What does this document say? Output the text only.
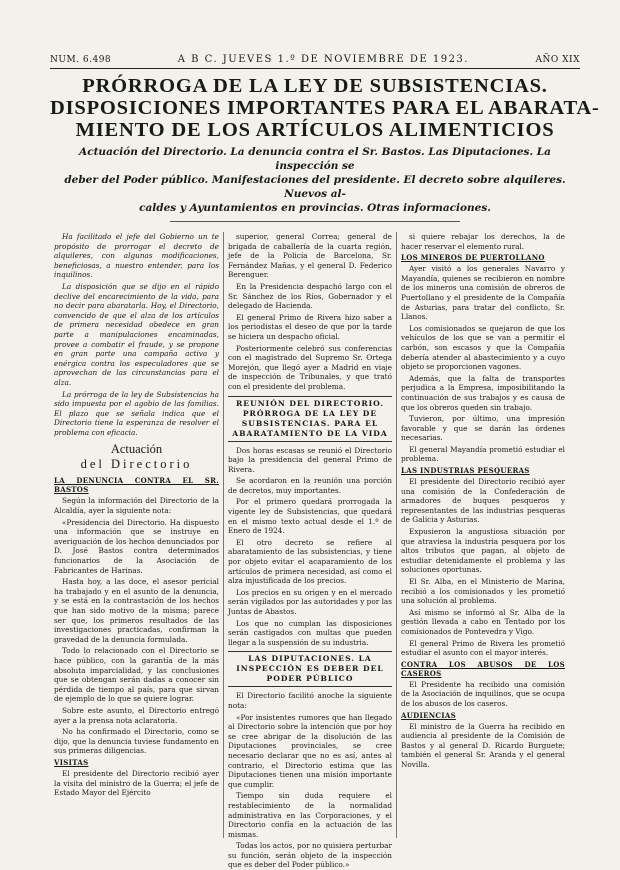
NUM. 6.498	A B C. JUEVES 1.º DE NOVIEMBRE DE 1923.	AÑO XIX
PRÓRROGA DE LA LEY DE SUBSISTENCIAS.
DISPOSICIONES IMPORTANTES PARA EL ABARATA-
MIENTO DE LOS ARTÍCULOS ALIMENTICIOS
Actuación del Directorio. La denuncia contra el Sr. Bastos. Las Diputaciones. La inspección se
deber del Poder público. Manifestaciones del presidente. El decreto sobre alquileres. Nuevos al-
caldes y Ayuntamientos en provincias. Otras informaciones.

Ha facilitado el jefe del Gobierno un te propósito de prorrogar el decreto de alquileres, con algunas modificaciones, beneficiosas, a nuestro entender, para los inquilinos.

La disposición que se dijo en el rápido declive del encarecimiento de la vida, para no decir para abaratarla. Hoy, el Directorio, convencido de que el alza de los artículos de primera necesidad obedece en gran parte a manipulaciones encaminadas, provee a combatir el fraude, y se propone en gran parte una campaña activa y enérgica contra los especuladores que se aprovechan de las circunstancias para el alza.

La prórroga de la ley de Subsistencias ha sido impuesta por el agobio de las familias. El plazo que se señala indica que el Directorio tiene la esperanza de resolver el problema con eficacia.

Actuación
del Directorio

LA DENUNCIA CONTRA EL SR. BASTOS

Según la información del Directorio de la Alcaldía, ayer la siguiente nota:

«Presidencia del Directorio. Ha dispuesto una información que se instruye en averiguación de los hechos denunciados por D. José Bastos contra determinados funcionarios de la Asociación de Fabricantes de Harinas.

Hasta hoy, a las doce, el asesor pericial ha trabajado y en el asunto de la denuncia, y se está en la contrastación de los hechos que han sido motivo de la misma; parece ser que, los primeros resultados de las investigaciones practicadas, confirman la gravedad de la denuncia formulada.

Todo lo relacionado con el Directorio se hace público, con la garantía de la más absoluta imparcialidad, y las conclusiones que se obtengan serán dadas a conocer sin pérdida de tiempo al país, para que sirvan de ejemplo de lo que se quiere lograr.

Sobre este asunto, el Directorio entregó ayer a la prensa nota aclaratoria.

No ha confirmado el Directorio, como se dijo, que la denuncia tuviese fundamento en sus primeras diligencias.

VISITAS

El presidente del Directorio recibió ayer la visita del ministro de la Guerra; el jefe de Estado Mayor del Ejército

superior, general Correa; general de brigada de caballería de la cuarta región, jefe de la Policía de Barcelona, Sr. Fernández Mañas, y el general D. Federico Berenguer.

En la Presidencia despachó largo con el Sr. Sánchez de los Ríos, Gobernador y el delegado de Hacienda.

El general Primo de Rivera hizo saber a los periodistas el deseo de que por la tarde se hiciera un despacho oficial.

Posteriormente celebró sus conferencias con el magistrado del Supremo Sr. Ortega Morejón, que llegó ayer a Madrid en viaje de inspección de Tribunales, y que trató con el presidente del problema.

REUNIÓN DEL DIRECTORIO.
PRÓRROGA DE LA LEY DE SUBSISTENCIAS. PARA EL ABARATAMIENTO DE LA VIDA

Dos horas escasas se reunió el Directorio bajo la presidencia del general Primo de Rivera.

Se acordaron en la reunión una porción de decretos, muy importantes.

Por el primero quedará prorrogada la vigente ley de Subsistencias, que quedará en el mismo texto actual desde el 1.º de Enero de 1924.

El otro decreto se refiere al abaratamiento de las subsistencias, y tiene por objeto evitar el acaparamiento de los artículos de primera necesidad, así como el alza injustificada de los precios.

Los precios en su origen y en el mercado serán vigilados por las autoridades y por las Juntas de Abastos.

Los que no cumplan las disposiciones serán castigados con multas que pueden llegar a la suspensión de su industria.

LAS DIPUTACIONES. LA INSPECCIÓN ES DEBER DEL PODER PÚBLICO

El Directorio facilitó anoche la siguiente nota:

«Por insistentes rumores que han llegado al Directorio sobre la intención que por hoy se cree abrigar de la disolución de las Diputaciones provinciales, se cree necesario declarar que no es así, antes al contrario, el Directorio estima que las Diputaciones tienen una misión importante que cumplir.

Tiempo sin duda requiere el restablecimiento de la normalidad administrativa en las Corporaciones, y el Directorio confía en la actuación de las mismas.

Todas los actos, por no quisiera perturbar su función, serán objeto de la inspección que es deber del Poder público.»

si quiere rebajar los derechos, la de hacer reservar el elemento rural.

LOS MINEROS DE PUERTOLLANO

Ayer visitó a los generales Navarro y Mayandía, quienes se recibieron en nombre de los mineros una comisión de obreros de Puertollano y el presidente de la Compañía de Asturias, para tratar del conflicto, Sr. Llanos.

Los comisionados se quejaron de que los vehículos de los que se van a permitir el carbón, son escasos y que la Compañía debería atender al abastecimiento y a cuyo objeto se proporcionen vagones.

Además, que la falta de transportes perjudica a la Empresa, imposibilitando la continuación de sus trabajos y es causa de que los obreros queden sin trabajo.

Tuvieron, por último, una impresión favorable y que se darán las órdenes necesarias.

El general Mayandía prometió estudiar el problema.

LAS INDUSTRIAS PESQUERAS

El presidente del Directorio recibió ayer una comisión de la Confederación de armadores de buques pesqueros y representantes de las industrias pesqueras de Galicia y Asturias.

Expusieron la angustiosa situación por que atraviesa la industria pesquera por los altos tributos que pagan, al objeto de estudiar detenidamente el problema y las soluciones oportunas.

El Sr. Alba, en el Ministerio de Marina, recibió a los comisionados y les prometió una solución al problema.

Así mismo se informó al Sr. Alba de la gestión llevada a cabo en Tentado por los comisionados de Pontevedra y Vigo.

El general Primo de Rivera les prometió estudiar el asunto con el mayor interés.

CONTRA LOS ABUSOS DE LOS CASEROS

El Presidente ha recibido una comisión de la Asociación de inquilinos, que se ocupa de los abusos de los caseros.

AUDIENCIAS

El ministro de la Guerra ha recibido en audiencia al presidente de la Comisión de Bastos y al general D. Ricardo Burguete; también el general Sr. Aranda y el general Novilla.
